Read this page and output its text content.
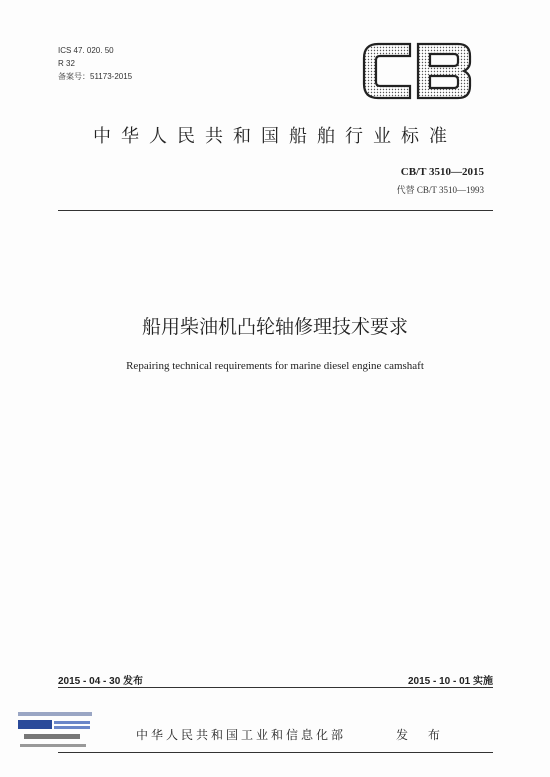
ICS 47. 020. 50
R 32
备案号：51173-2015
中华人民共和国船舶行业标准
CB/T 3510—2015
代替 CB/T 3510—1993
船用柴油机凸轮轴修理技术要求
Repairing technical requirements for marine diesel engine camshaft
2015 - 04 - 30 发布	2015 - 10 - 01 实施
中华人民共和国工业和信息化部	发 布
